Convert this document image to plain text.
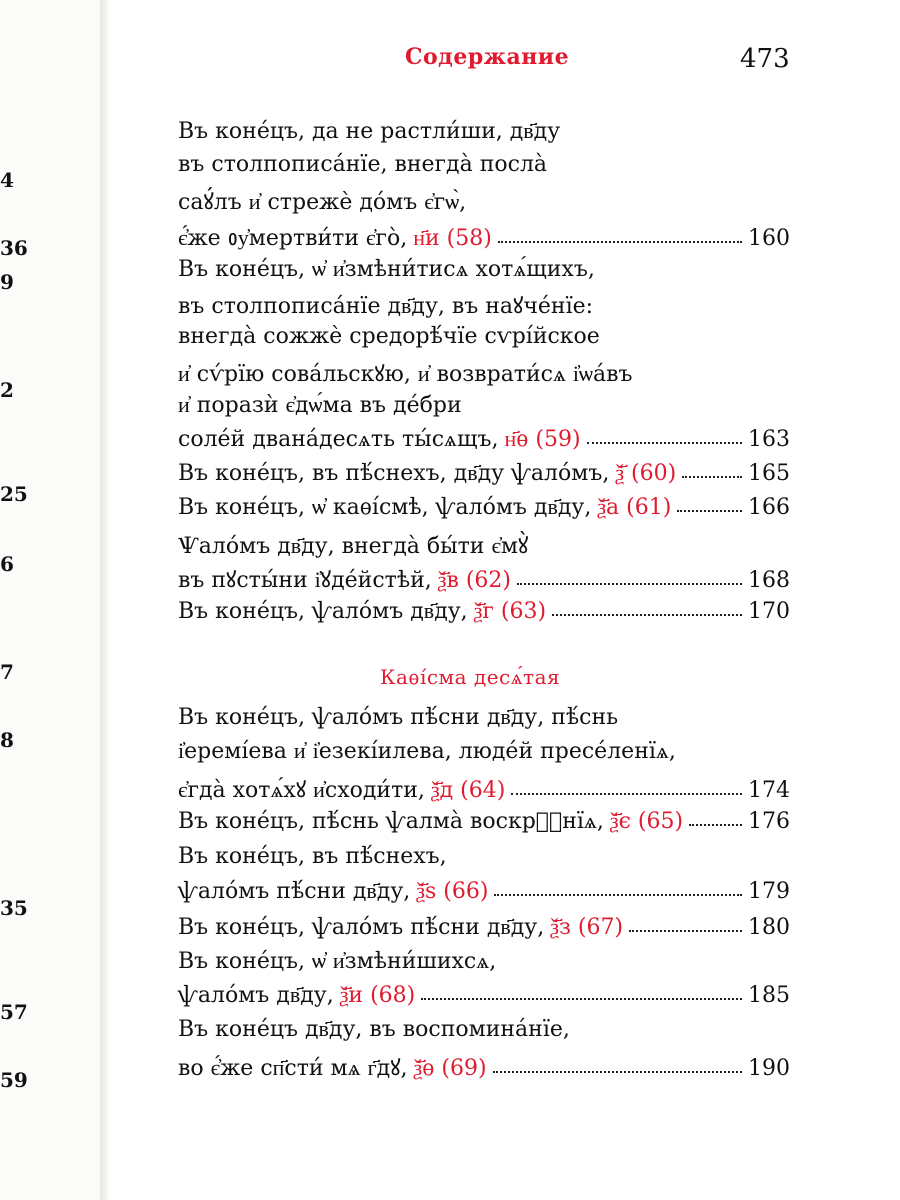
4
36
9
2
25
6
7
8
35
57
59
Содержание	473
Каѳі́сма десѧ́тая
Въ коне́цъ, да не растли́ши, дв҃ду
въ столпописа́нїе, внегда̀ посла̀
саꙋ́лъ и҆ стрежѐ до́мъ є҆гѡ̀,
є҆́же ᲂу҆мертви́ти є҆го̀, н҃и (58)	160
Въ коне́цъ, ѡ҆ и҆змѣни́тисѧ хотѧ́щихъ,
въ столпописа́нїе дв҃ду, въ наꙋче́нїе:
внегда̀ сожжѐ средорѣ́чїе сѵрі́йское
и҆ сѵ́рїю сова́льскꙋю, и҆ возврати́сѧ і҆ѡа́въ
и҆ поразѝ є҆дѡ́ма въ де́бри
соле́й двана́десѧть ты́сѧщъ, н҃ѳ (59)	163
Въ коне́цъ, въ пѣ́снехъ, дв҃ду ѱало́мъ, ѯ҃ (60)	165
Въ коне́цъ, ѡ҆ каѳі́смѣ, ѱало́мъ дв҃ду, ѯ҃а (61)	166
Ѱало́мъ дв҃ду, внегда̀ бы́ти є҆мꙋ̀
въ пꙋсты́ни і҆ꙋде́йстѣй, ѯ҃в (62)	168
Въ коне́цъ, ѱало́мъ дв҃ду, ѯ҃г (63)	170
Въ коне́цъ, ѱало́мъ пѣ́сни дв҃ду, пѣ́снь
і҆еремі́ева и҆ і҆езекі́илева, люде́й пресе́ленїѧ,
є҆гда̀ хотѧ́хꙋ и҆сходи́ти, ѯ҃д (64)	174
Въ коне́цъ, пѣ́снь ѱалма̀ воскрⷭ҇нїѧ, ѯ҃є (65)	176
Въ коне́цъ, въ пѣ́снехъ,
ѱало́мъ пѣ́сни дв҃ду, ѯ҃ѕ (66)	179
Въ коне́цъ, ѱало́мъ пѣ́сни дв҃ду, ѯ҃з (67)	180
Въ коне́цъ, ѡ҆ и҆змѣни́шихсѧ,
ѱало́мъ дв҃ду, ѯ҃и (68)	185
Въ коне́цъ дв҃ду, въ воспомина́нїе,
во є҆́же сп҃сти́ мѧ г҃дꙋ, ѯ҃ѳ (69)	190
